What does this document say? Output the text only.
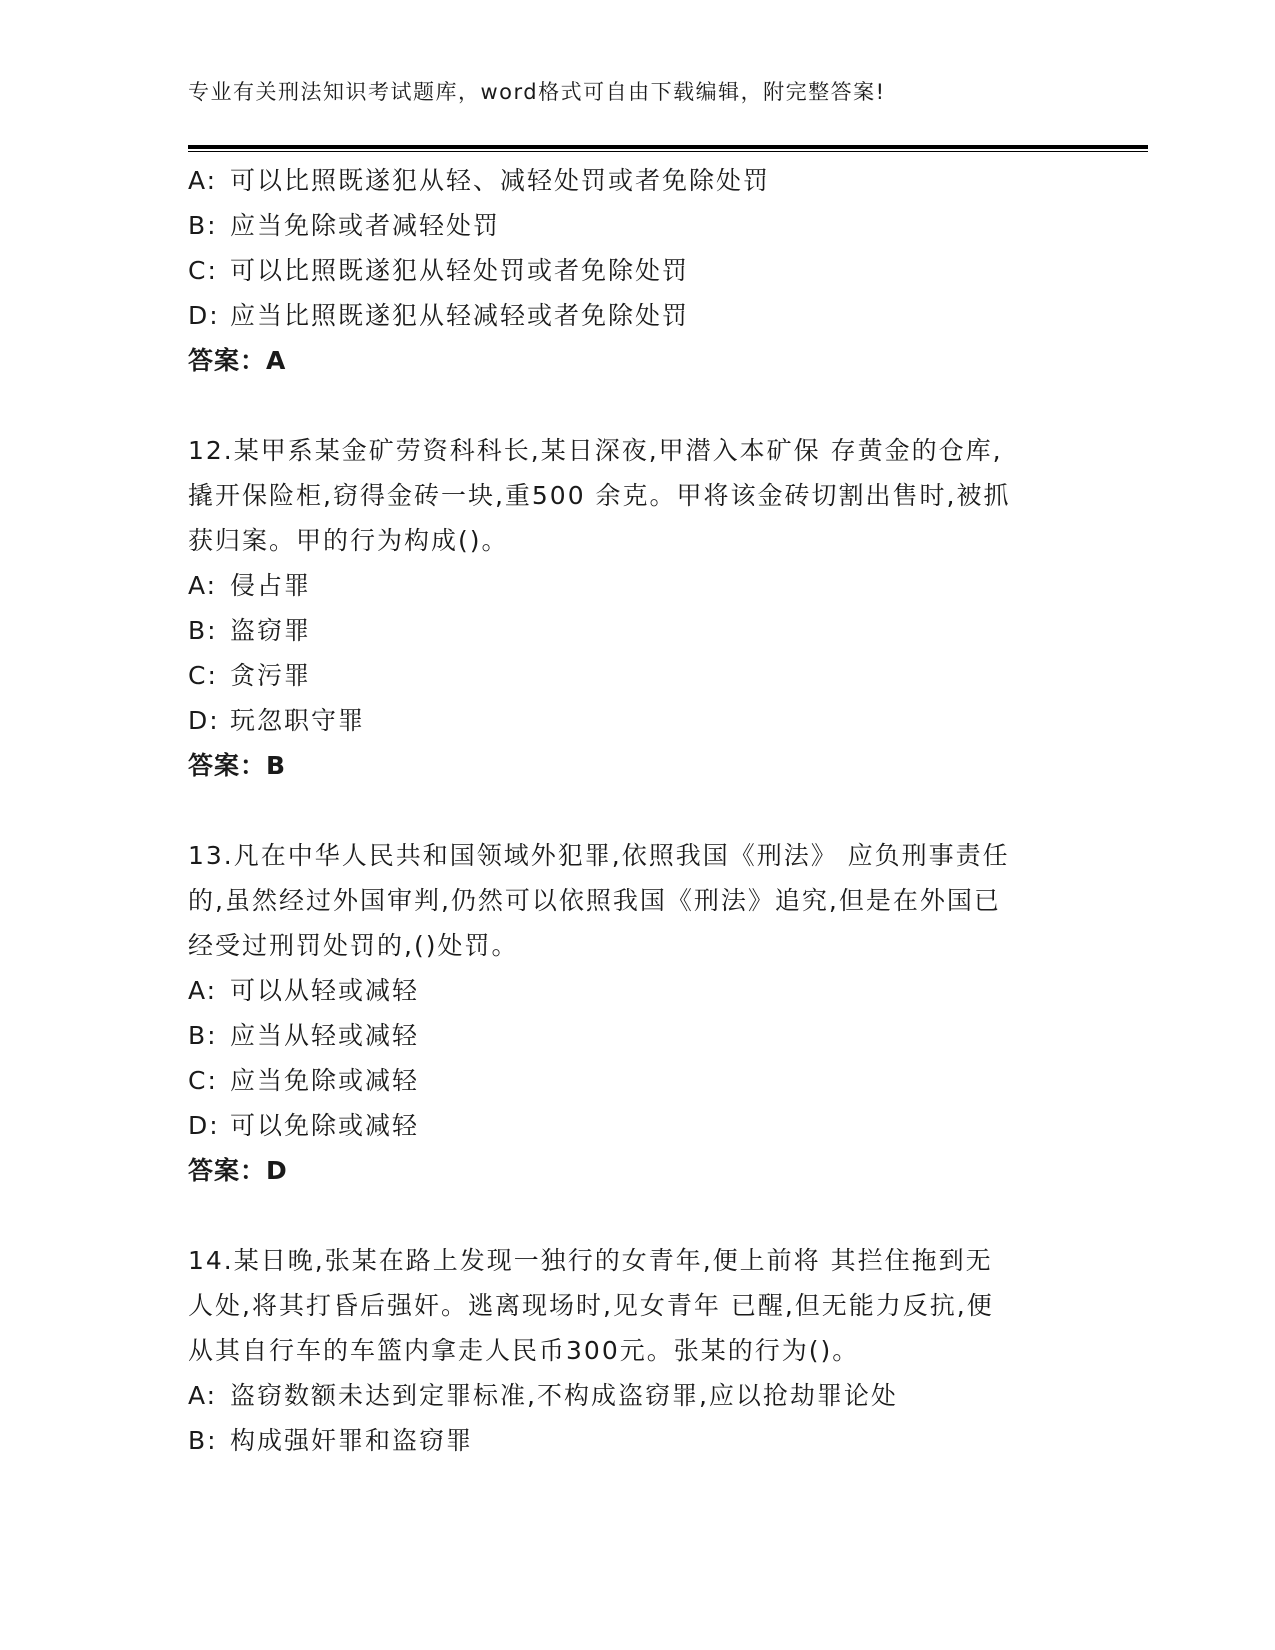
专业有关刑法知识考试题库，word格式可自由下载编辑，附完整答案!
A: 可以比照既遂犯从轻、减轻处罚或者免除处罚
B: 应当免除或者减轻处罚
C: 可以比照既遂犯从轻处罚或者免除处罚
D: 应当比照既遂犯从轻减轻或者免除处罚
答案：A
12.某甲系某金矿劳资科科长,某日深夜,甲潜入本矿保 存黄金的仓库,
撬开保险柜,窃得金砖一块,重500 余克。甲将该金砖切割出售时,被抓
获归案。甲的行为构成()。
A: 侵占罪
B: 盗窃罪
C: 贪污罪
D: 玩忽职守罪
答案：B
13.凡在中华人民共和国领域外犯罪,依照我国《刑法》 应负刑事责任
的,虽然经过外国审判,仍然可以依照我国《刑法》追究,但是在外国已
经受过刑罚处罚的,()处罚。
A: 可以从轻或减轻
B: 应当从轻或减轻
C: 应当免除或减轻
D: 可以免除或减轻
答案：D
14.某日晚,张某在路上发现一独行的女青年,便上前将 其拦住拖到无
人处,将其打昏后强奸。逃离现场时,见女青年 已醒,但无能力反抗,便
从其自行车的车篮内拿走人民币300元。张某的行为()。
A: 盗窃数额未达到定罪标准,不构成盗窃罪,应以抢劫罪论处
B: 构成强奸罪和盗窃罪
